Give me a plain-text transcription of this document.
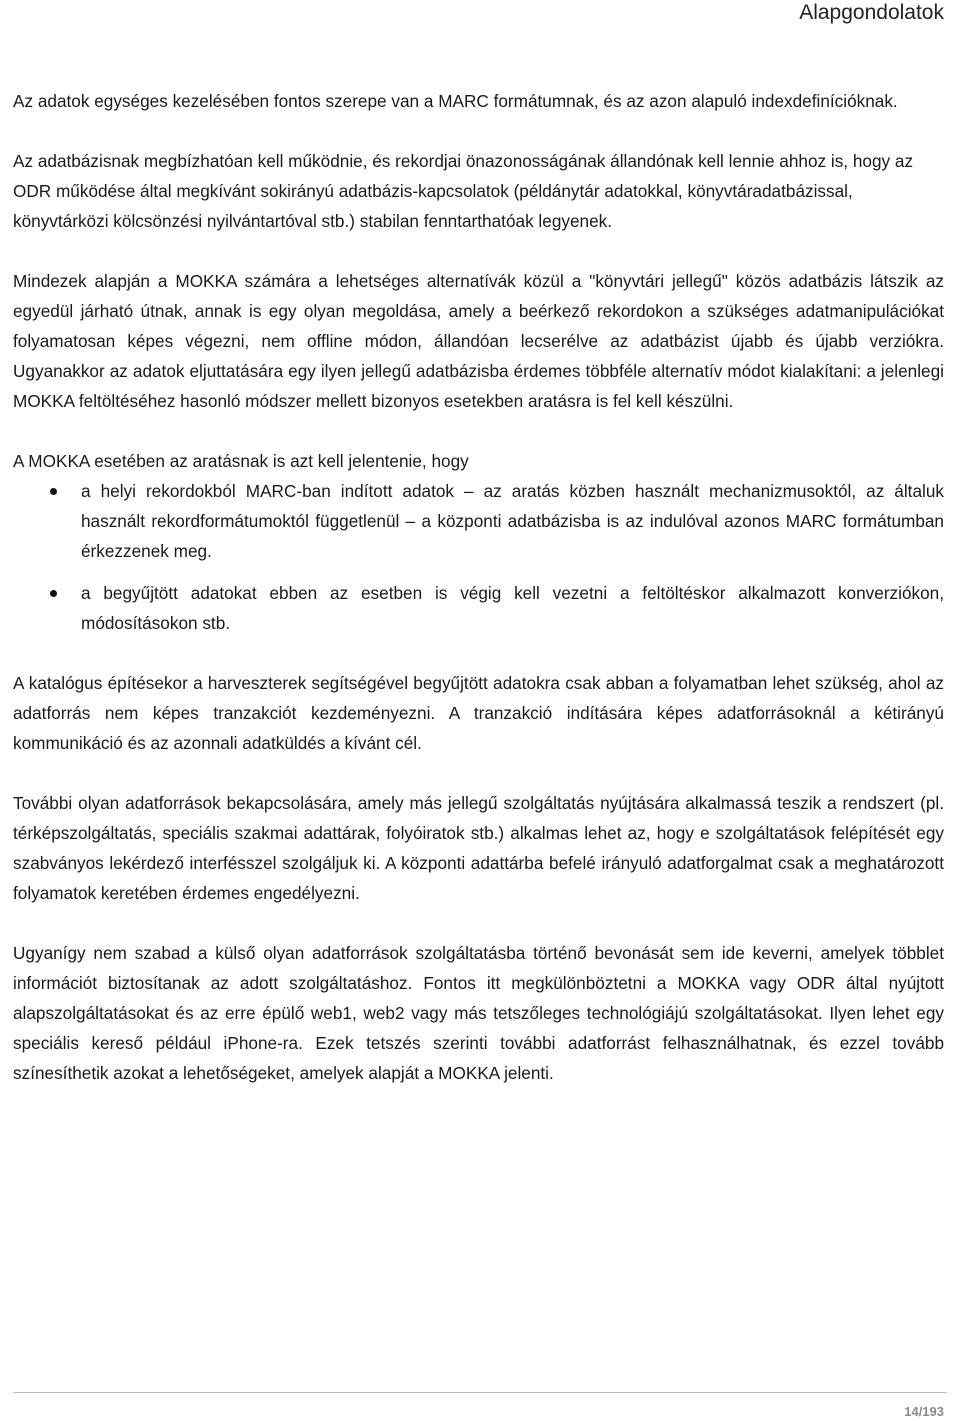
Alapgondolatok

Az adatok egységes kezelésében fontos szerepe van a MARC formátumnak, és az azon alapuló indexdefinícióknak.

Az adatbázisnak megbízhatóan kell működnie, és rekordjai önazonosságának állandónak kell lennie ahhoz is, hogy az ODR működése által megkívánt sokirányú adatbázis-kapcsolatok (példánytár adatokkal, könyvtáradatbázissal, könyvtárközi kölcsönzési nyilvántartóval stb.) stabilan fenntarthatóak legyenek.

Mindezek alapján a MOKKA számára a lehetséges alternatívák közül a "könyvtári jellegű" közös adatbázis látszik az egyedül járható útnak, annak is egy olyan megoldása, amely a beérkező rekordokon a szükséges adatmanipulációkat folyamatosan képes végezni, nem offline módon, állandóan lecserélve az adatbázist újabb és újabb verziókra. Ugyanakkor az adatok eljuttatására egy ilyen jellegű adatbázisba érdemes többféle alternatív módot kialakítani: a jelenlegi MOKKA feltöltéséhez hasonló módszer mellett bizonyos esetekben aratásra is fel kell készülni.

A MOKKA esetében az aratásnak is azt kell jelentenie, hogy
a helyi rekordokból MARC-ban indított adatok – az aratás közben használt mechanizmusoktól, az általuk használt rekordformátumoktól függetlenül – a központi adatbázisba is az indulóval azonos MARC formátumban érkezzenek meg.
a begyűjtött adatokat ebben az esetben is végig kell vezetni a feltöltéskor alkalmazott konverziókon, módosításokon stb.

A katalógus építésekor a harveszterek segítségével begyűjtött adatokra csak abban a folyamatban lehet szükség, ahol az adatforrás nem képes tranzakciót kezdeményezni. A tranzakció indítására képes adatforrásoknál a kétirányú kommunikáció és az azonnali adatküldés a kívánt cél.

További olyan adatforrások bekapcsolására, amely más jellegű szolgáltatás nyújtására alkalmassá teszik a rendszert (pl. térképszolgáltatás, speciális szakmai adattárak, folyóiratok stb.) alkalmas lehet az, hogy e szolgáltatások felépítését egy szabványos lekérdező interfésszel szolgáljuk ki. A központi adattárba befelé irányuló adatforgalmat csak a meghatározott folyamatok keretében érdemes engedélyezni.

Ugyanígy nem szabad a külső olyan adatforrások szolgáltatásba történő bevonását sem ide keverni, amelyek többlet információt biztosítanak az adott szolgáltatáshoz. Fontos itt megkülönböztetni a MOKKA vagy ODR által nyújtott alapszolgáltatásokat és az erre épülő web1, web2 vagy más tetszőleges technológiájú szolgáltatásokat. Ilyen lehet egy speciális kereső például iPhone-ra. Ezek tetszés szerinti további adatforrást felhasználhatnak, és ezzel tovább színesíthetik azokat a lehetőségeket, amelyek alapját a MOKKA jelenti.

14/193
